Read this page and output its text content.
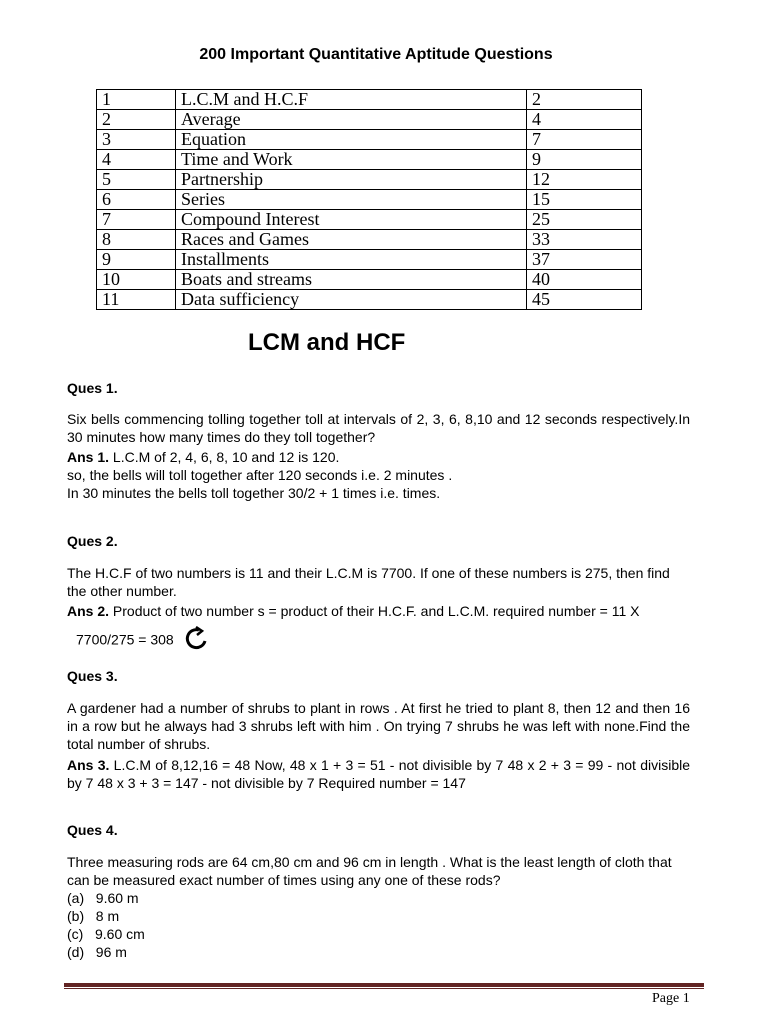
200 Important Quantitative Aptitude Questions
1	L.C.M and H.C.F	2
2	Average	4
3	Equation	7
4	Time and Work	9
5	Partnership	12
6	Series	15
7	Compound Interest	25
8	Races and Games	33
9	Installments	37
10	Boats and streams	40
11	Data sufficiency	45
LCM and HCF
Ques 1.
Six bells commencing tolling together toll at intervals of 2, 3, 6, 8,10 and 12 seconds respectively.In 30 minutes how many times do they toll together?
Ans 1. L.C.M of 2, 4, 6, 8, 10 and 12 is 120.
so, the bells will toll together after 120 seconds i.e. 2 minutes .
In 30 minutes the bells toll together 30/2 + 1 times i.e. times.
Ques 2.
The H.C.F of two numbers is 11 and their L.C.M is 7700. If one of these numbers is 275, then find the other number.
Ans 2. Product of two number s = product of their H.C.F. and L.C.M. required number = 11 X
7700/275 = 308
Ques 3.
A gardener had a number of shrubs to plant in rows . At first he tried to plant 8, then 12 and then 16 in a row but he always had 3 shrubs left with him . On trying 7 shrubs he was left with none.Find the total number of shrubs.
Ans 3. L.C.M of 8,12,16 = 48 Now, 48 x 1 + 3 = 51 - not divisible by 7 48 x 2 + 3 = 99 - not divisible by 7 48 x 3 + 3 = 147 - not divisible by 7 Required number = 147
Ques 4.
Three measuring rods are 64 cm,80 cm and 96 cm in length . What is the least length of cloth that can be measured exact number of times using any one of these rods?
(a) 9.60 m
(b) 8 m
(c) 9.60 cm
(d) 96 m
Page 1
